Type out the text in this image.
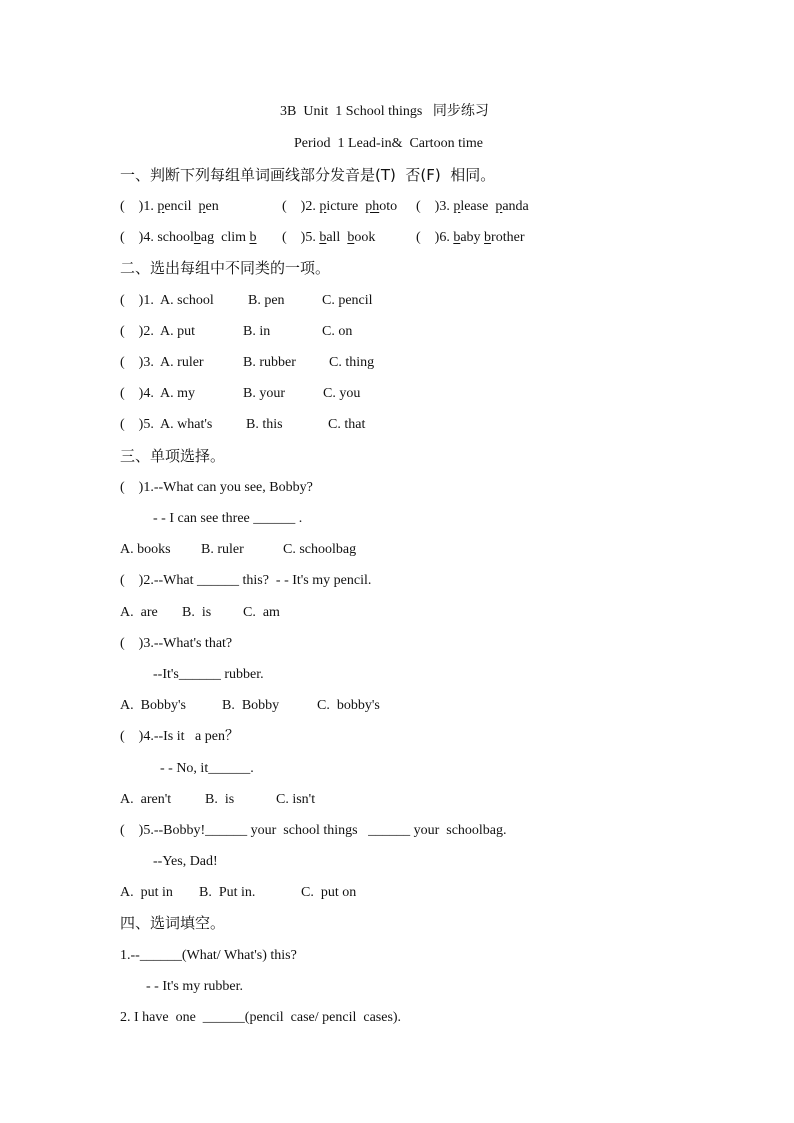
3B  Unit  1 School things   同步练习
Period  1 Lead-in&  Cartoon time
一、判断下列每组单词画线部分发音是(T)  否(F)  相同。
(    )1. pencil  pen	(    )2. picture  photo (    )3. please  panda
(    )4. schoolbag  clim b (    )5. ball  book	(    )6. baby brother
二、选出每组中不同类的一项。
(    )1.  A. school B. pen	C. pencil
(    )2.  A. put	B. in	C. on
(    )3.  A. ruler	B. rubber C. thing
(    )4.  A. my	B. your	C. you
(    )5.  A. what's B. this	C. that
三、单项选择。
(    )1.--What can you see, Bobby?
- - I can see three ______ .
A. books B. ruler	C. schoolbag
(    )2.--What ______ this?  - - It's my pencil.
A.  are B.  is C.  am
(    )3.--What's that?
--It's______ rubber.
A.  Bobby's	B.  Bobby	C.  bobby's
(    )4.--Is it   a pen？
- - No, it______.
A.  aren't B.  is	C. isn't
(    )5.--Bobby!______ your  school things   ______ your  schoolbag.
--Yes, Dad!
A.  put in B.  Put in.	C.  put on
四、选词填空。
1.--______(What/ What's) this?
- - It's my rubber.
2. I have  one  ______(pencil  case/ pencil  cases).
